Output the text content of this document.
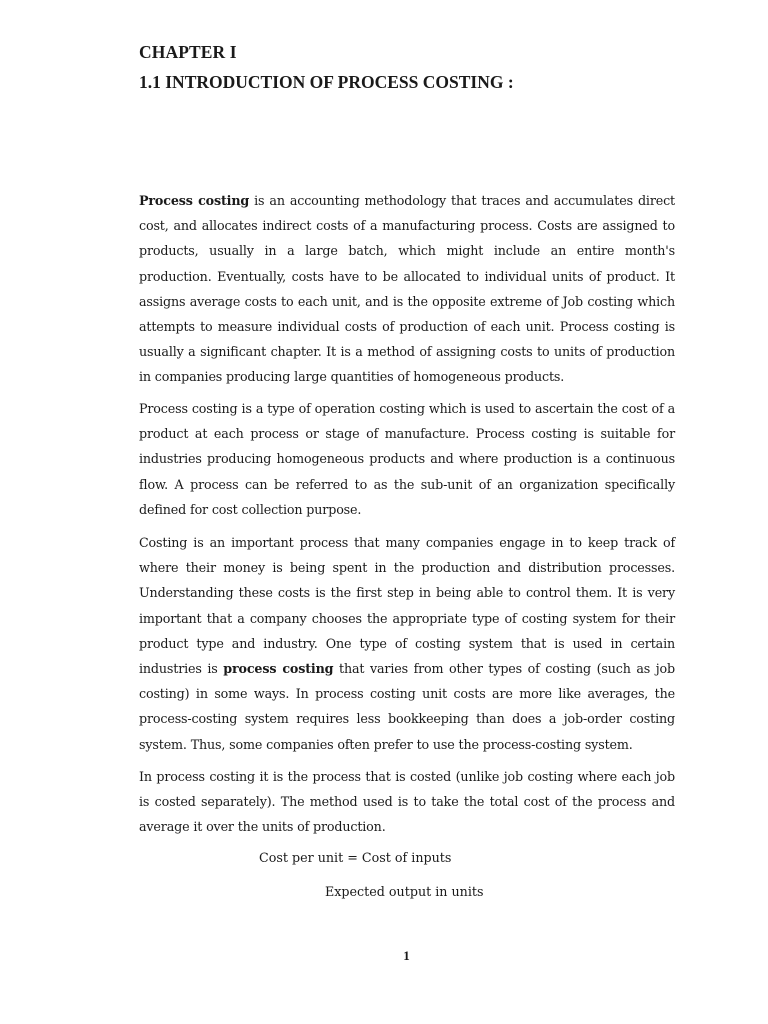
CHAPTER I
1.1 INTRODUCTION OF PROCESS COSTING :

Process costing is an accounting methodology that traces and accumulates direct cost, and allocates indirect costs of a manufacturing process. Costs are assigned to products, usually in a large batch, which might include an entire month's production. Eventually, costs have to be allocated to individual units of product. It assigns average costs to each unit, and is the opposite extreme of Job costing which attempts to measure individual costs of production of each unit. Process costing is usually a significant chapter. It is a method of assigning costs to units of production in companies producing large quantities of homogeneous products.

Process costing is a type of operation costing which is used to ascertain the cost of a product at each process or stage of manufacture. Process costing is suitable for industries producing homogeneous products and where production is a continuous flow. A process can be referred to as the sub-unit of an organization specifically defined for cost collection purpose.

Costing is an important process that many companies engage in to keep track of where their money is being spent in the production and distribution processes. Understanding these costs is the first step in being able to control them. It is very important that a company chooses the appropriate type of costing system for their product type and industry. One type of costing system that is used in certain industries is process costing that varies from other types of costing (such as job costing) in some ways. In process costing unit costs are more like averages, the process-costing system requires less bookkeeping than does a job-order costing system. Thus, some companies often prefer to use the process-costing system.

In process costing it is the process that is costed (unlike job costing where each job is costed separately). The method used is to take the total cost of the process and average it over the units of production.

Cost per unit = Cost of inputs

Expected output in units

1
